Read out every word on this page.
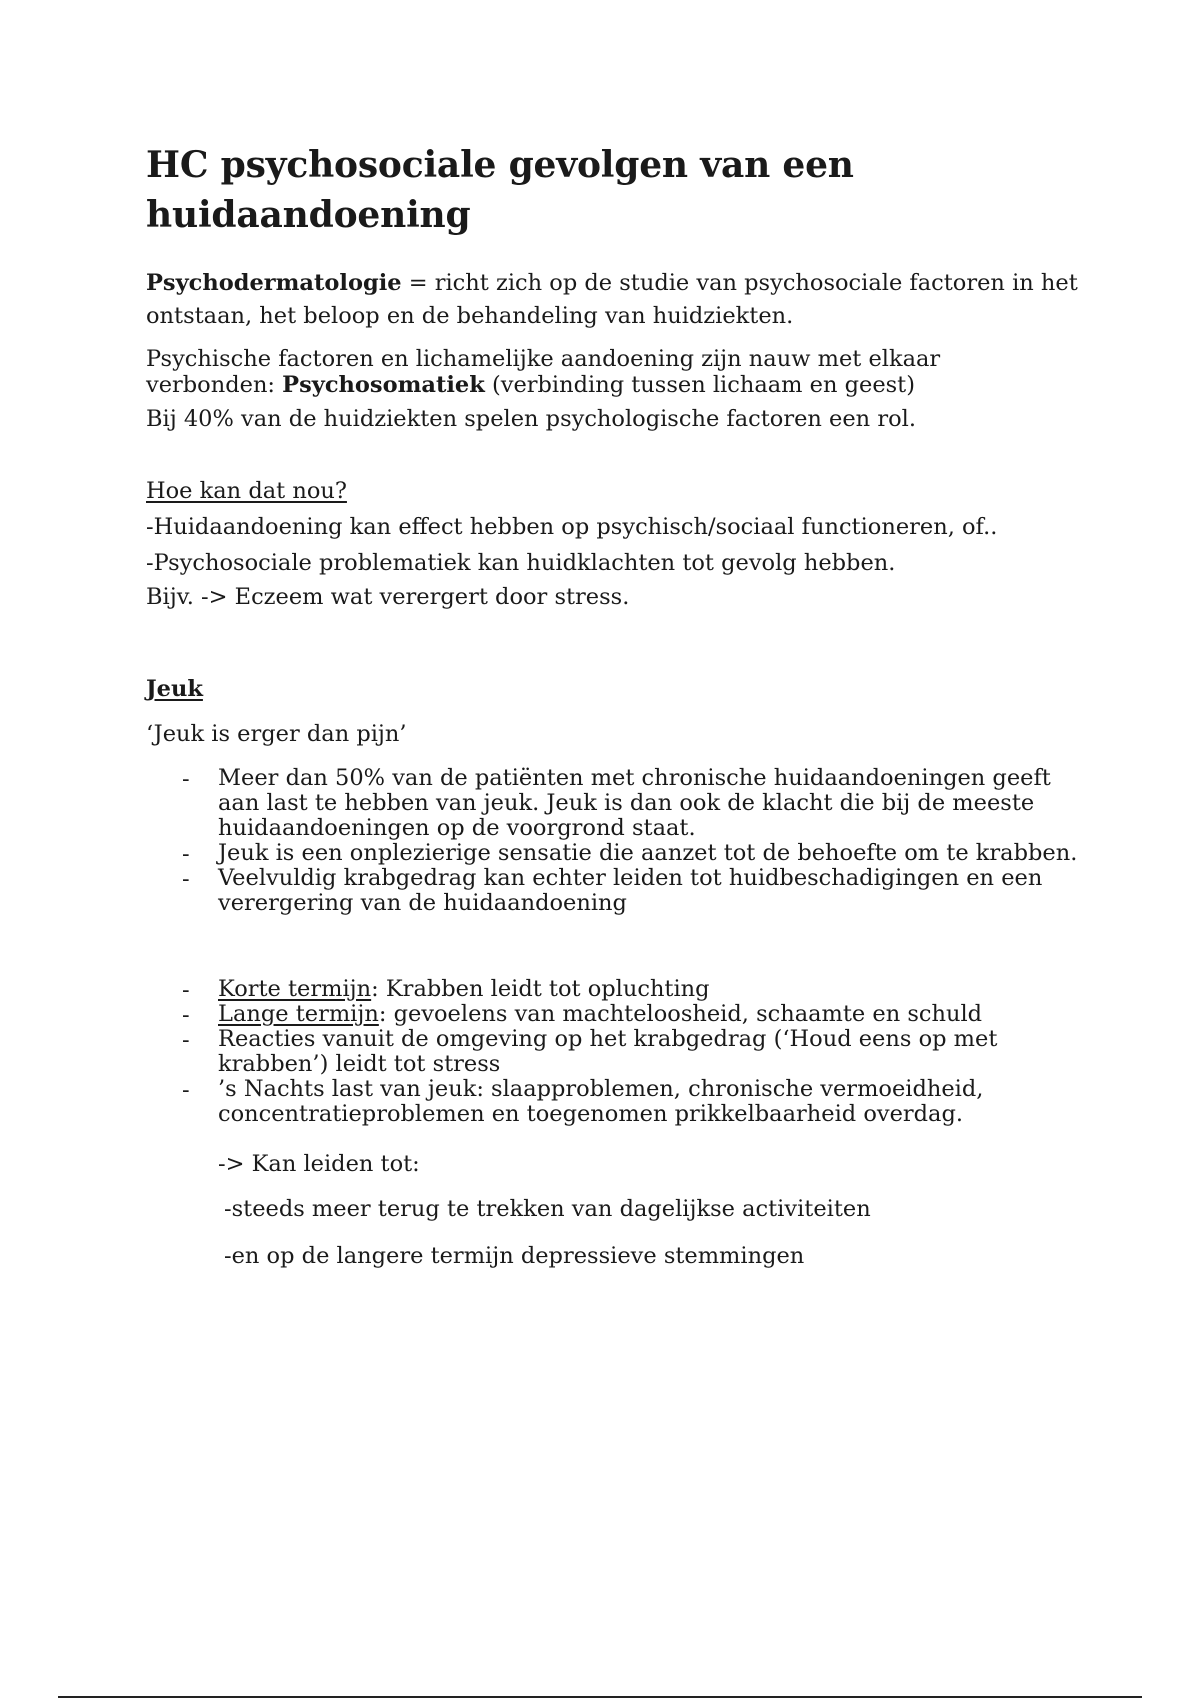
HC psychosociale gevolgen van een
huidaandoening

Psychodermatologie = richt zich op de studie van psychosociale factoren in het

ontstaan, het beloop en de behandeling van huidziekten.

Psychische factoren en lichamelijke aandoening zijn nauw met elkaar

verbonden: Psychosomatiek (verbinding tussen lichaam en geest)

Bij 40% van de huidziekten spelen psychologische factoren een rol.

Hoe kan dat nou?

-Huidaandoening kan effect hebben op psychisch/sociaal functioneren, of..

-Psychosociale problematiek kan huidklachten tot gevolg hebben.

Bijv. -> Eczeem wat verergert door stress.

Jeuk

‘Jeuk is erger dan pijn’

- Meer dan 50% van de patiënten met chronische huidaandoeningen geeft

aan last te hebben van jeuk. Jeuk is dan ook de klacht die bij de meeste

huidaandoeningen op de voorgrond staat.

- Jeuk is een onplezierige sensatie die aanzet tot de behoefte om te krabben.

- Veelvuldig krabgedrag kan echter leiden tot huidbeschadigingen en een

verergering van de huidaandoening

- Korte termijn: Krabben leidt tot opluchting

- Lange termijn: gevoelens van machteloosheid, schaamte en schuld

- Reacties vanuit de omgeving op het krabgedrag (‘Houd eens op met

krabben’) leidt tot stress

- ’s Nachts last van jeuk: slaapproblemen, chronische vermoeidheid,

concentratieproblemen en toegenomen prikkelbaarheid overdag.

-> Kan leiden tot:

-steeds meer terug te trekken van dagelijkse activiteiten

-en op de langere termijn depressieve stemmingen
